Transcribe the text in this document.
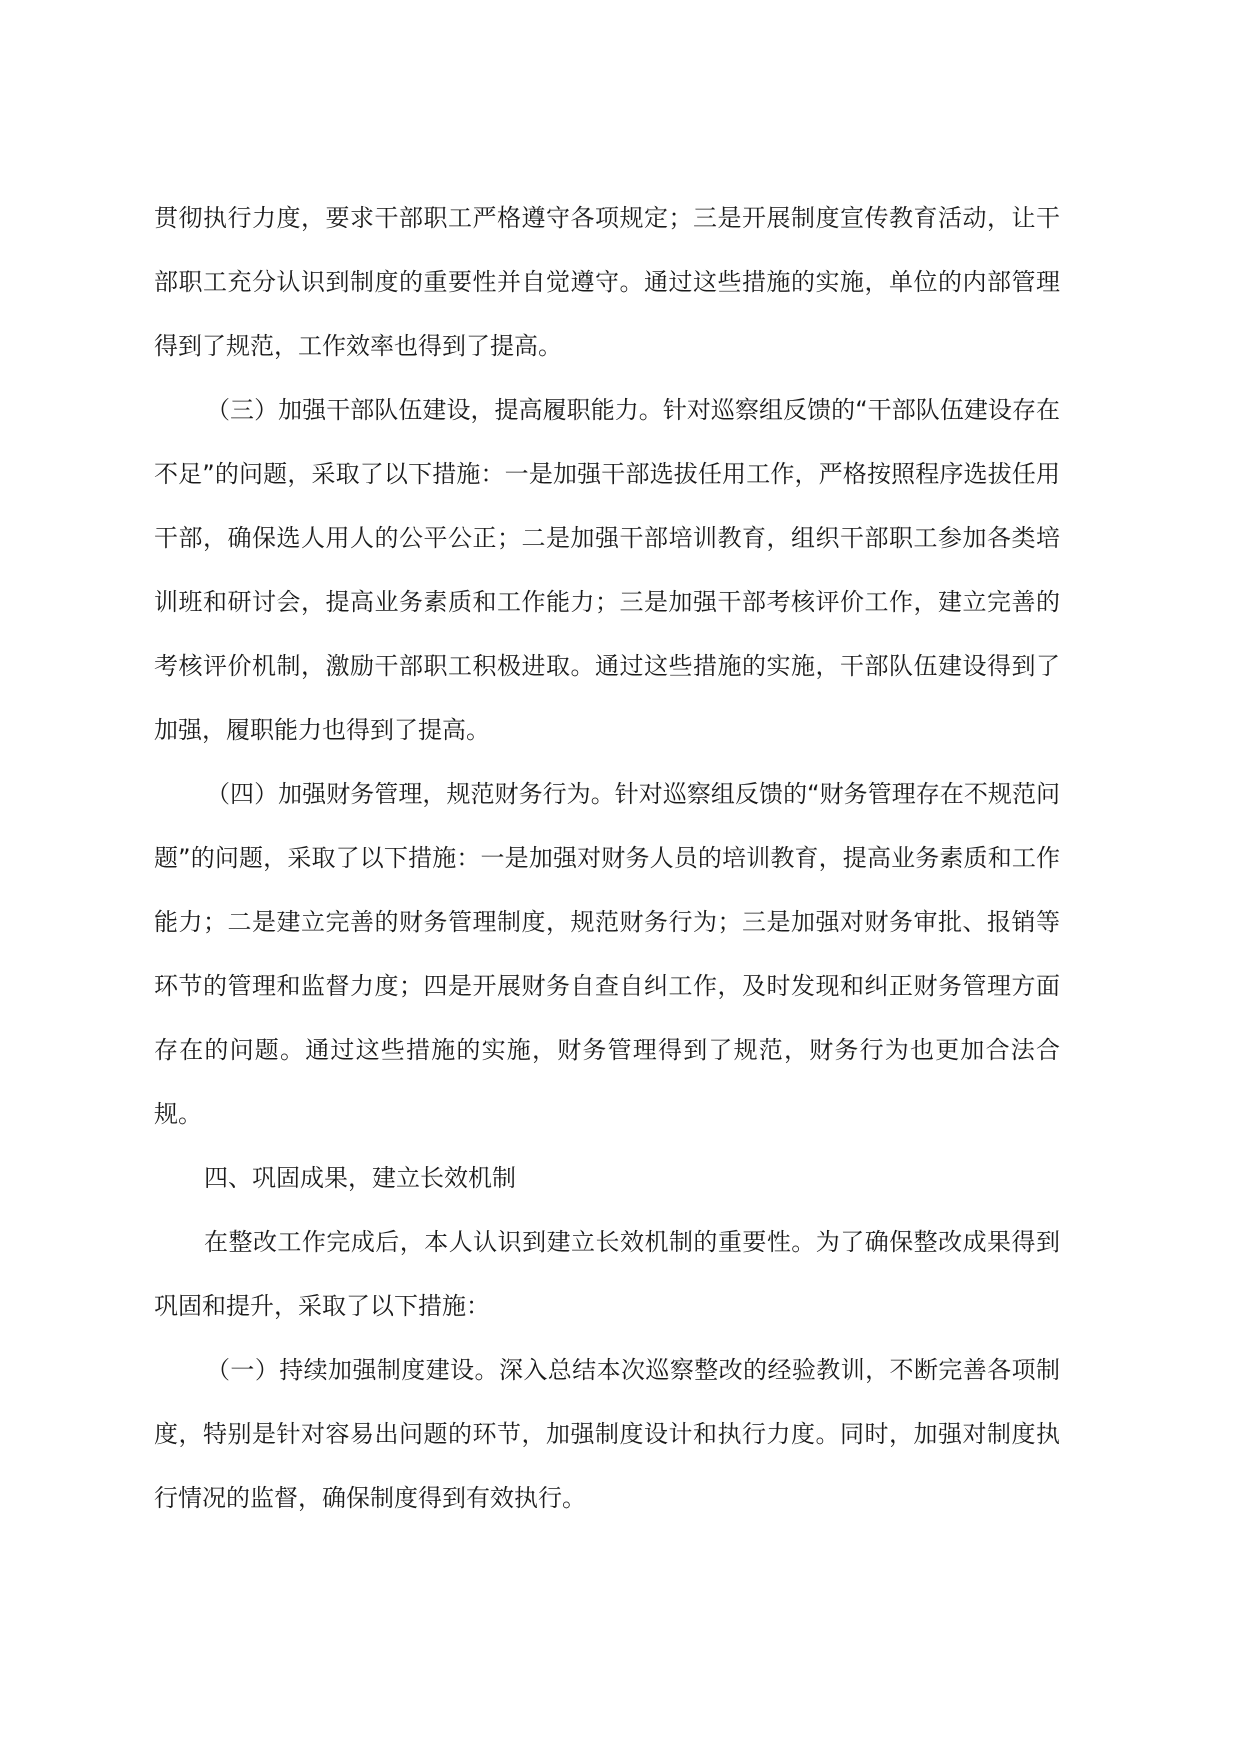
贯彻执行力度，要求干部职工严格遵守各项规定；三是开展制度宣传教育活动，让干部职工充分认识到制度的重要性并自觉遵守。通过这些措施的实施，单位的内部管理得到了规范，工作效率也得到了提高。

（三）加强干部队伍建设，提高履职能力。针对巡察组反馈的“干部队伍建设存在不足”的问题，采取了以下措施：一是加强干部选拔任用工作，严格按照程序选拔任用干部，确保选人用人的公平公正；二是加强干部培训教育，组织干部职工参加各类培训班和研讨会，提高业务素质和工作能力；三是加强干部考核评价工作，建立完善的考核评价机制，激励干部职工积极进取。通过这些措施的实施，干部队伍建设得到了加强，履职能力也得到了提高。

（四）加强财务管理，规范财务行为。针对巡察组反馈的“财务管理存在不规范问题”的问题，采取了以下措施：一是加强对财务人员的培训教育，提高业务素质和工作能力；二是建立完善的财务管理制度，规范财务行为；三是加强对财务审批、报销等环节的管理和监督力度；四是开展财务自查自纠工作，及时发现和纠正财务管理方面存在的问题。通过这些措施的实施，财务管理得到了规范，财务行为也更加合法合规。

四、巩固成果，建立长效机制

在整改工作完成后，本人认识到建立长效机制的重要性。为了确保整改成果得到巩固和提升，采取了以下措施：

（一）持续加强制度建设。深入总结本次巡察整改的经验教训，不断完善各项制度，特别是针对容易出问题的环节，加强制度设计和执行力度。同时，加强对制度执行情况的监督，确保制度得到有效执行。
